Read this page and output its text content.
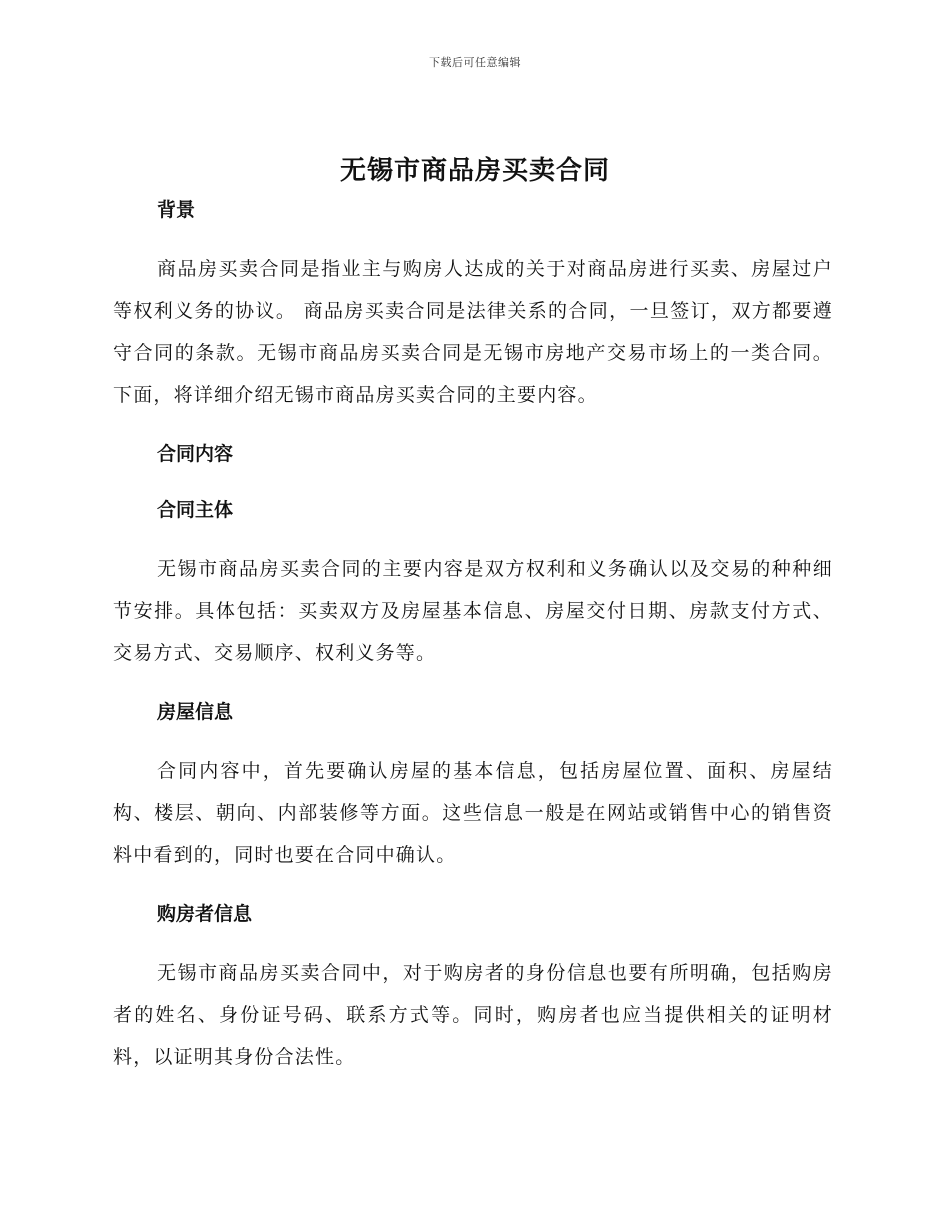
下载后可任意编辑
无锡市商品房买卖合同
背景

商品房买卖合同是指业主与购房人达成的关于对商品房进行买卖、房屋过户等权利义务的协议。 商品房买卖合同是法律关系的合同，一旦签订，双方都要遵守合同的条款。无锡市商品房买卖合同是无锡市房地产交易市场上的一类合同。下面，将详细介绍无锡市商品房买卖合同的主要内容。

合同内容
合同主体

无锡市商品房买卖合同的主要内容是双方权利和义务确认以及交易的种种细节安排。具体包括：买卖双方及房屋基本信息、房屋交付日期、房款支付方式、交易方式、交易顺序、权利义务等。

房屋信息

合同内容中，首先要确认房屋的基本信息，包括房屋位置、面积、房屋结构、楼层、朝向、内部装修等方面。这些信息一般是在网站或销售中心的销售资料中看到的，同时也要在合同中确认。

购房者信息

无锡市商品房买卖合同中，对于购房者的身份信息也要有所明确，包括购房者的姓名、身份证号码、联系方式等。同时，购房者也应当提供相关的证明材料，以证明其身份合法性。
